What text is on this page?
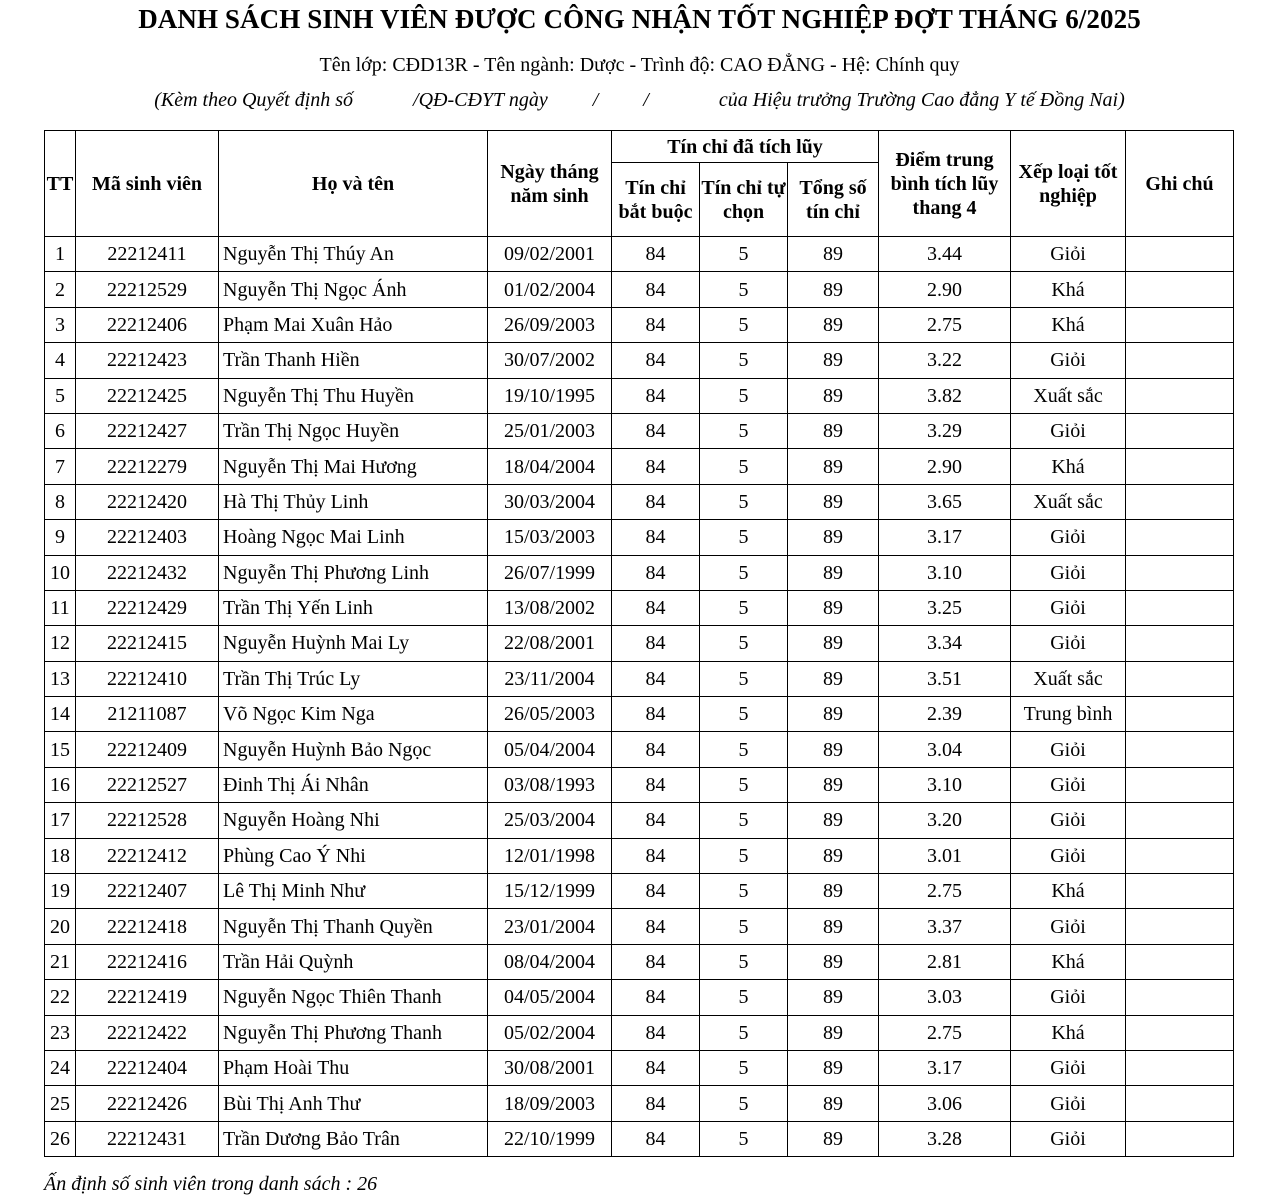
DANH SÁCH SINH VIÊN ĐƯỢC CÔNG NHẬN TỐT NGHIỆP ĐỢT THÁNG 6/2025
Tên lớp: CĐD13R - Tên ngành: Dược - Trình độ: CAO ĐẲNG - Hệ: Chính quy
(Kèm theo Quyết định số            /QĐ-CĐYT ngày         /         /              của Hiệu trưởng Trường Cao đẳng Y tế Đồng Nai)
TT	Mã sinh viên	Họ và tên	Ngày tháng năm sinh	Tín chỉ đã tích lũy			Điểm trung bình tích lũy thang 4	Xếp loại tốt nghiệp	Ghi chú
				Tín chỉ bắt buộc	Tín chỉ tự chọn	Tổng số tín chỉ			
1	22212411	Nguyễn Thị Thúy An	09/02/2001	84	5	89	3.44	Giỏi	
2	22212529	Nguyễn Thị Ngọc Ánh	01/02/2004	84	5	89	2.90	Khá	
3	22212406	Phạm Mai Xuân Hảo	26/09/2003	84	5	89	2.75	Khá	
4	22212423	Trần Thanh Hiền	30/07/2002	84	5	89	3.22	Giỏi	
5	22212425	Nguyễn Thị Thu Huyền	19/10/1995	84	5	89	3.82	Xuất sắc	
6	22212427	Trần Thị Ngọc Huyền	25/01/2003	84	5	89	3.29	Giỏi	
7	22212279	Nguyễn Thị Mai Hương	18/04/2004	84	5	89	2.90	Khá	
8	22212420	Hà Thị Thủy Linh	30/03/2004	84	5	89	3.65	Xuất sắc	
9	22212403	Hoàng Ngọc Mai Linh	15/03/2003	84	5	89	3.17	Giỏi	
10	22212432	Nguyễn Thị Phương Linh	26/07/1999	84	5	89	3.10	Giỏi	
11	22212429	Trần Thị Yến Linh	13/08/2002	84	5	89	3.25	Giỏi	
12	22212415	Nguyễn Huỳnh Mai Ly	22/08/2001	84	5	89	3.34	Giỏi	
13	22212410	Trần Thị Trúc Ly	23/11/2004	84	5	89	3.51	Xuất sắc	
14	21211087	Võ Ngọc Kim Nga	26/05/2003	84	5	89	2.39	Trung bình	
15	22212409	Nguyễn Huỳnh Bảo Ngọc	05/04/2004	84	5	89	3.04	Giỏi	
16	22212527	Đinh Thị Ái Nhân	03/08/1993	84	5	89	3.10	Giỏi	
17	22212528	Nguyễn Hoàng Nhi	25/03/2004	84	5	89	3.20	Giỏi	
18	22212412	Phùng Cao Ý Nhi	12/01/1998	84	5	89	3.01	Giỏi	
19	22212407	Lê Thị Minh Như	15/12/1999	84	5	89	2.75	Khá	
20	22212418	Nguyễn Thị Thanh Quyền	23/01/2004	84	5	89	3.37	Giỏi	
21	22212416	Trần Hải Quỳnh	08/04/2004	84	5	89	2.81	Khá	
22	22212419	Nguyễn Ngọc Thiên Thanh	04/05/2004	84	5	89	3.03	Giỏi	
23	22212422	Nguyễn Thị Phương Thanh	05/02/2004	84	5	89	2.75	Khá	
24	22212404	Phạm Hoài Thu	30/08/2001	84	5	89	3.17	Giỏi	
25	22212426	Bùi Thị Anh Thư	18/09/2003	84	5	89	3.06	Giỏi	
26	22212431	Trần Dương Bảo Trân	22/10/1999	84	5	89	3.28	Giỏi	
Ấn định số sinh viên trong danh sách : 26
